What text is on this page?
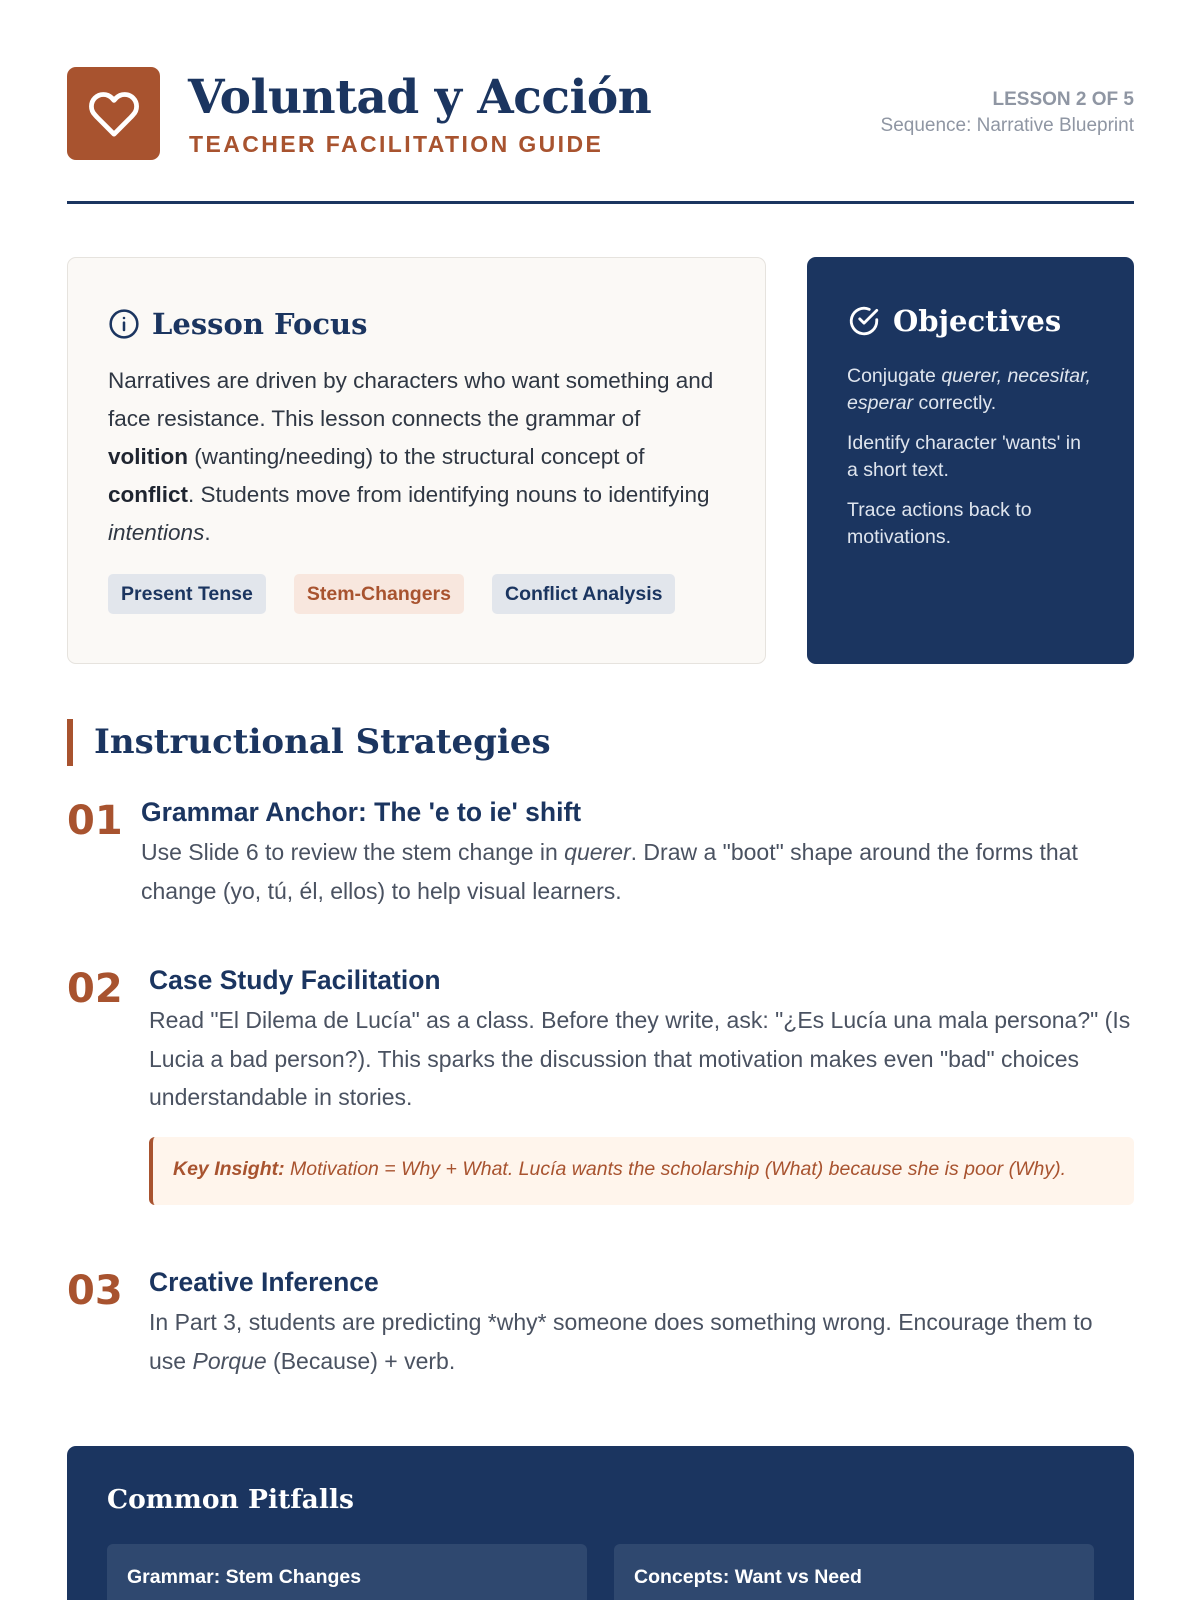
Voluntad y Acción
TEACHER FACILITATION GUIDE
LESSON 2 OF 5
Sequence: Narrative Blueprint
Lesson Focus

Narratives are driven by characters who want something and face resistance. This lesson connects the grammar of volition (wanting/needing) to the structural concept of conflict. Students move from identifying nouns to identifying intentions.

Present Tense	Stem-Changers	Conflict Analysis
Objectives
Conjugate querer, necesitar, esperar correctly.
Identify character 'wants' in a short text.
Trace actions back to motivations.
Instructional Strategies
01 Grammar Anchor: The 'e to ie' shift

Use Slide 6 to review the stem change in querer. Draw a "boot" shape around the forms that change (yo, tú, él, ellos) to help visual learners.

02 Case Study Facilitation

Read "El Dilema de Lucía" as a class. Before they write, ask: "¿Es Lucía una mala persona?" (Is Lucia a bad person?). This sparks the discussion that motivation makes even "bad" choices understandable in stories.

Key Insight: Motivation = Why + What. Lucía wants the scholarship (What) because she is poor (Why).
03 Creative Inference

In Part 3, students are predicting *why* someone does something wrong. Encourage them to use Porque (Because) + verb.

Common Pitfalls
Grammar: Stem Changes	Concepts: Want vs Need
